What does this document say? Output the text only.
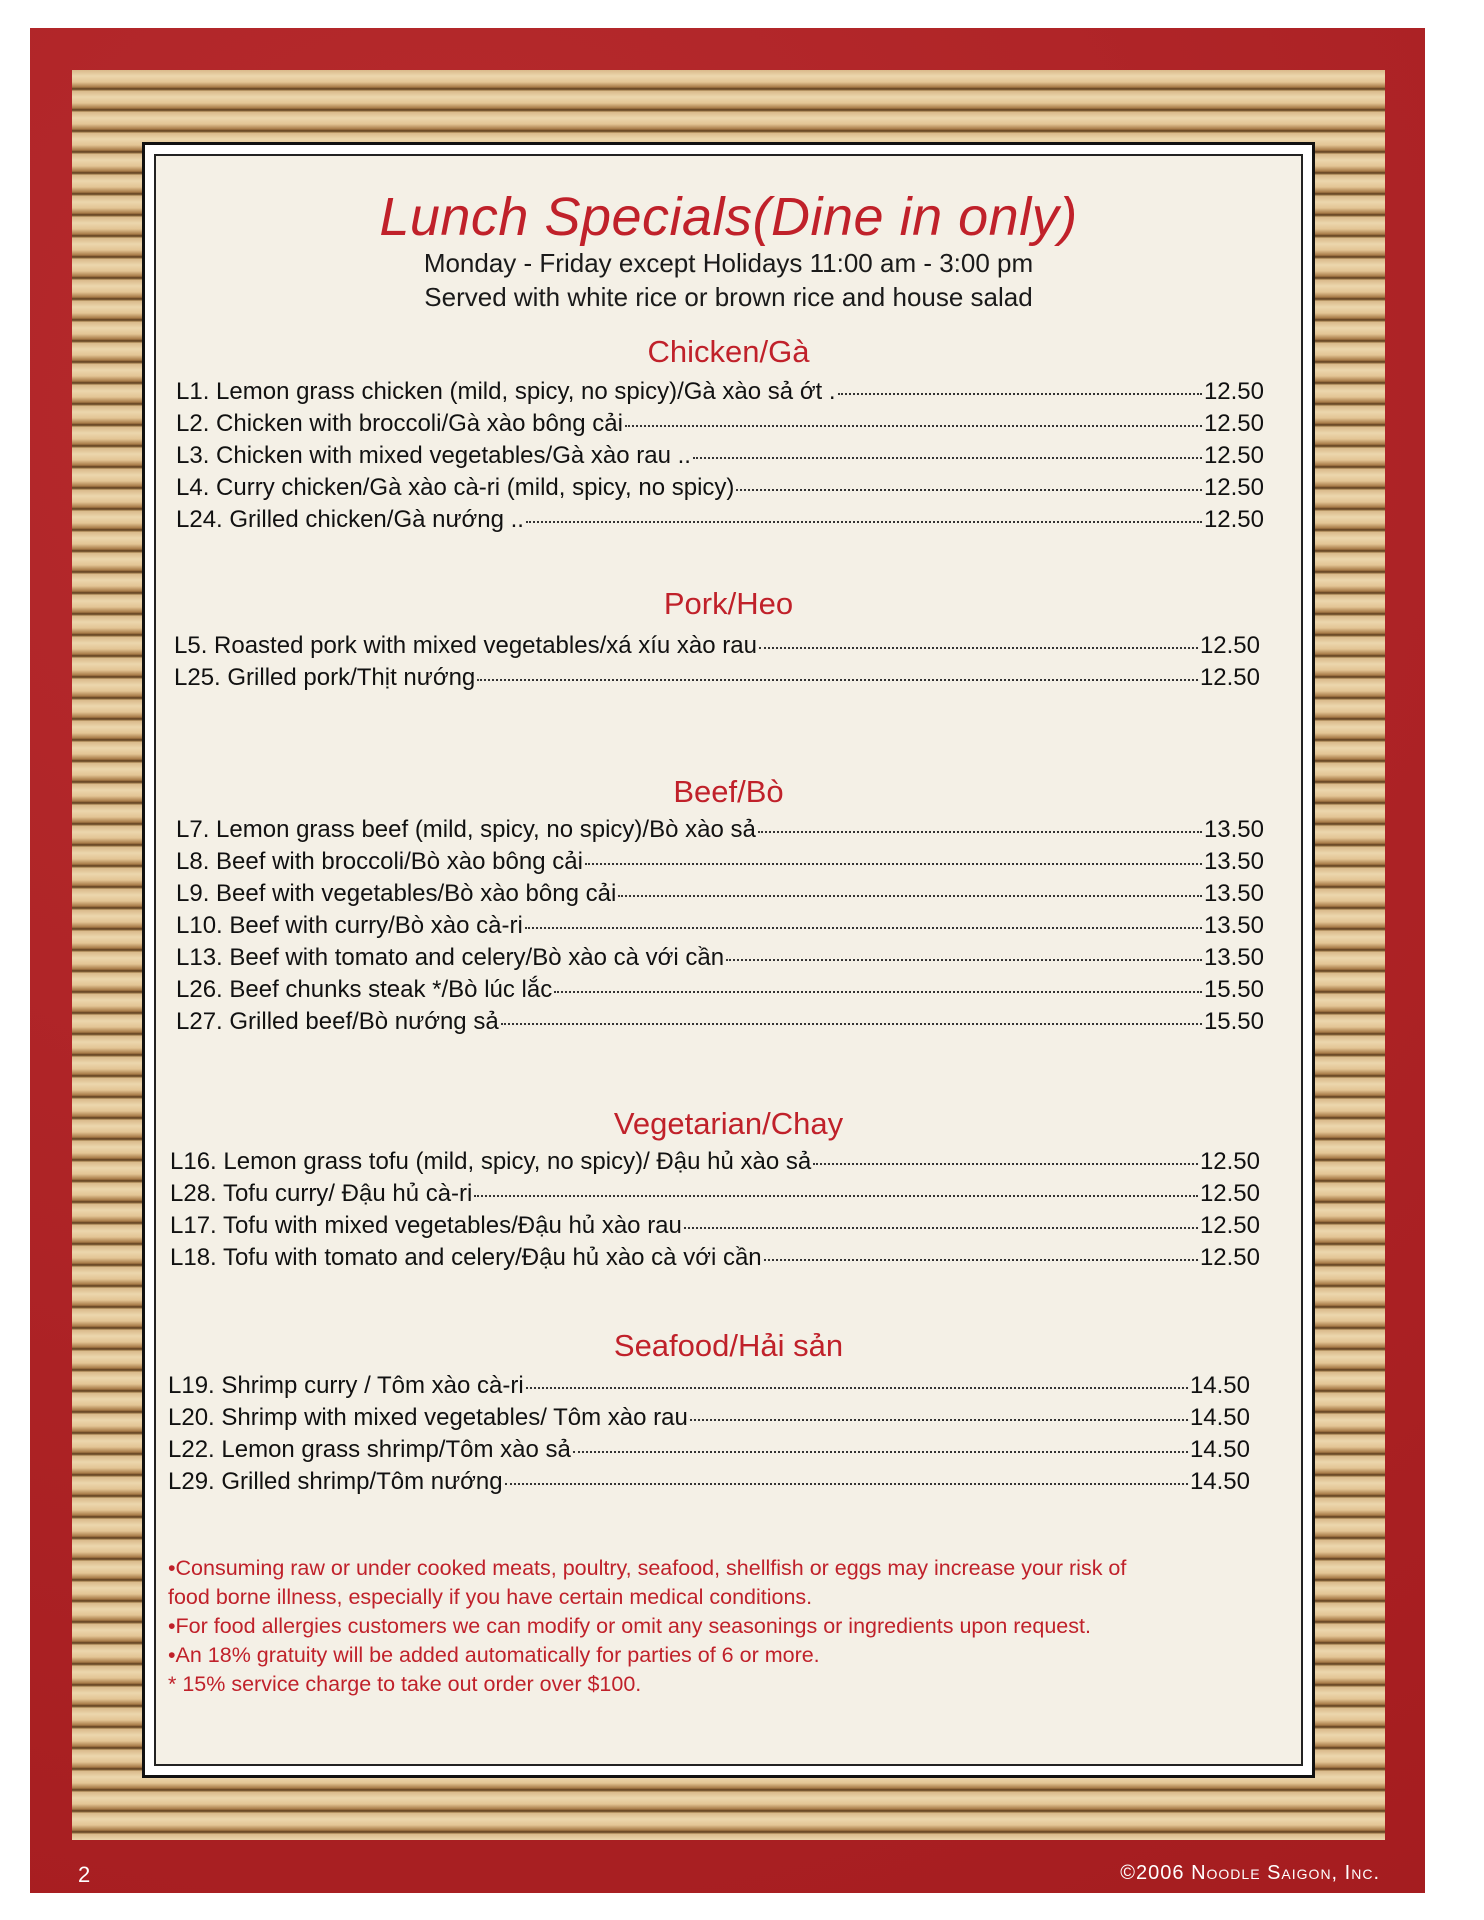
Lunch Specials(Dine in only)
Monday - Friday except Holidays 11:00 am - 3:00 pm
Served with white rice or brown rice and house salad
Chicken/Gà
L1. Lemon grass chicken (mild, spicy, no spicy)/Gà xào sả ớt .	12.50
L2. Chicken with broccoli/Gà xào bông cải	12.50
L3. Chicken with mixed vegetables/Gà xào rau ..	12.50
L4. Curry chicken/Gà xào cà-ri (mild, spicy, no spicy)	12.50
L24. Grilled chicken/Gà nướng ..	12.50
Pork/Heo
L5. Roasted pork with mixed vegetables/xá xíu xào rau	12.50
L25. Grilled pork/Thịt nướng	12.50
Beef/Bò
L7. Lemon grass beef (mild, spicy, no spicy)/Bò xào sả	13.50
L8. Beef with broccoli/Bò xào bông cải	13.50
L9. Beef with vegetables/Bò xào bông cải	13.50
L10. Beef with curry/Bò xào cà-ri	13.50
L13. Beef with tomato and celery/Bò xào cà với cần	13.50
L26. Beef chunks steak */Bò lúc lắc	15.50
L27. Grilled beef/Bò nướng sả	15.50
Vegetarian/Chay
L16. Lemon grass tofu (mild, spicy, no spicy)/ Đậu hủ xào sả	12.50
L28. Tofu curry/ Đậu hủ cà-ri	12.50
L17. Tofu with mixed vegetables/Đậu hủ xào rau	12.50
L18. Tofu with tomato and celery/Đậu hủ xào cà với cần	12.50
Seafood/Hải sản
L19. Shrimp curry / Tôm xào cà-ri	14.50
L20. Shrimp with mixed vegetables/ Tôm xào rau	14.50
L22. Lemon grass shrimp/Tôm xào sả	14.50
L29. Grilled shrimp/Tôm nướng	14.50
•Consuming raw or under cooked meats, poultry, seafood, shellfish or eggs may increase your risk of
food borne illness, especially if you have certain medical conditions.
•For food allergies customers we can modify or omit any seasonings or ingredients upon request.
•An 18% gratuity will be added automatically for parties of 6 or more.
* 15% service charge to take out order over $100.
2	©2006 Noodle Saigon, Inc.
